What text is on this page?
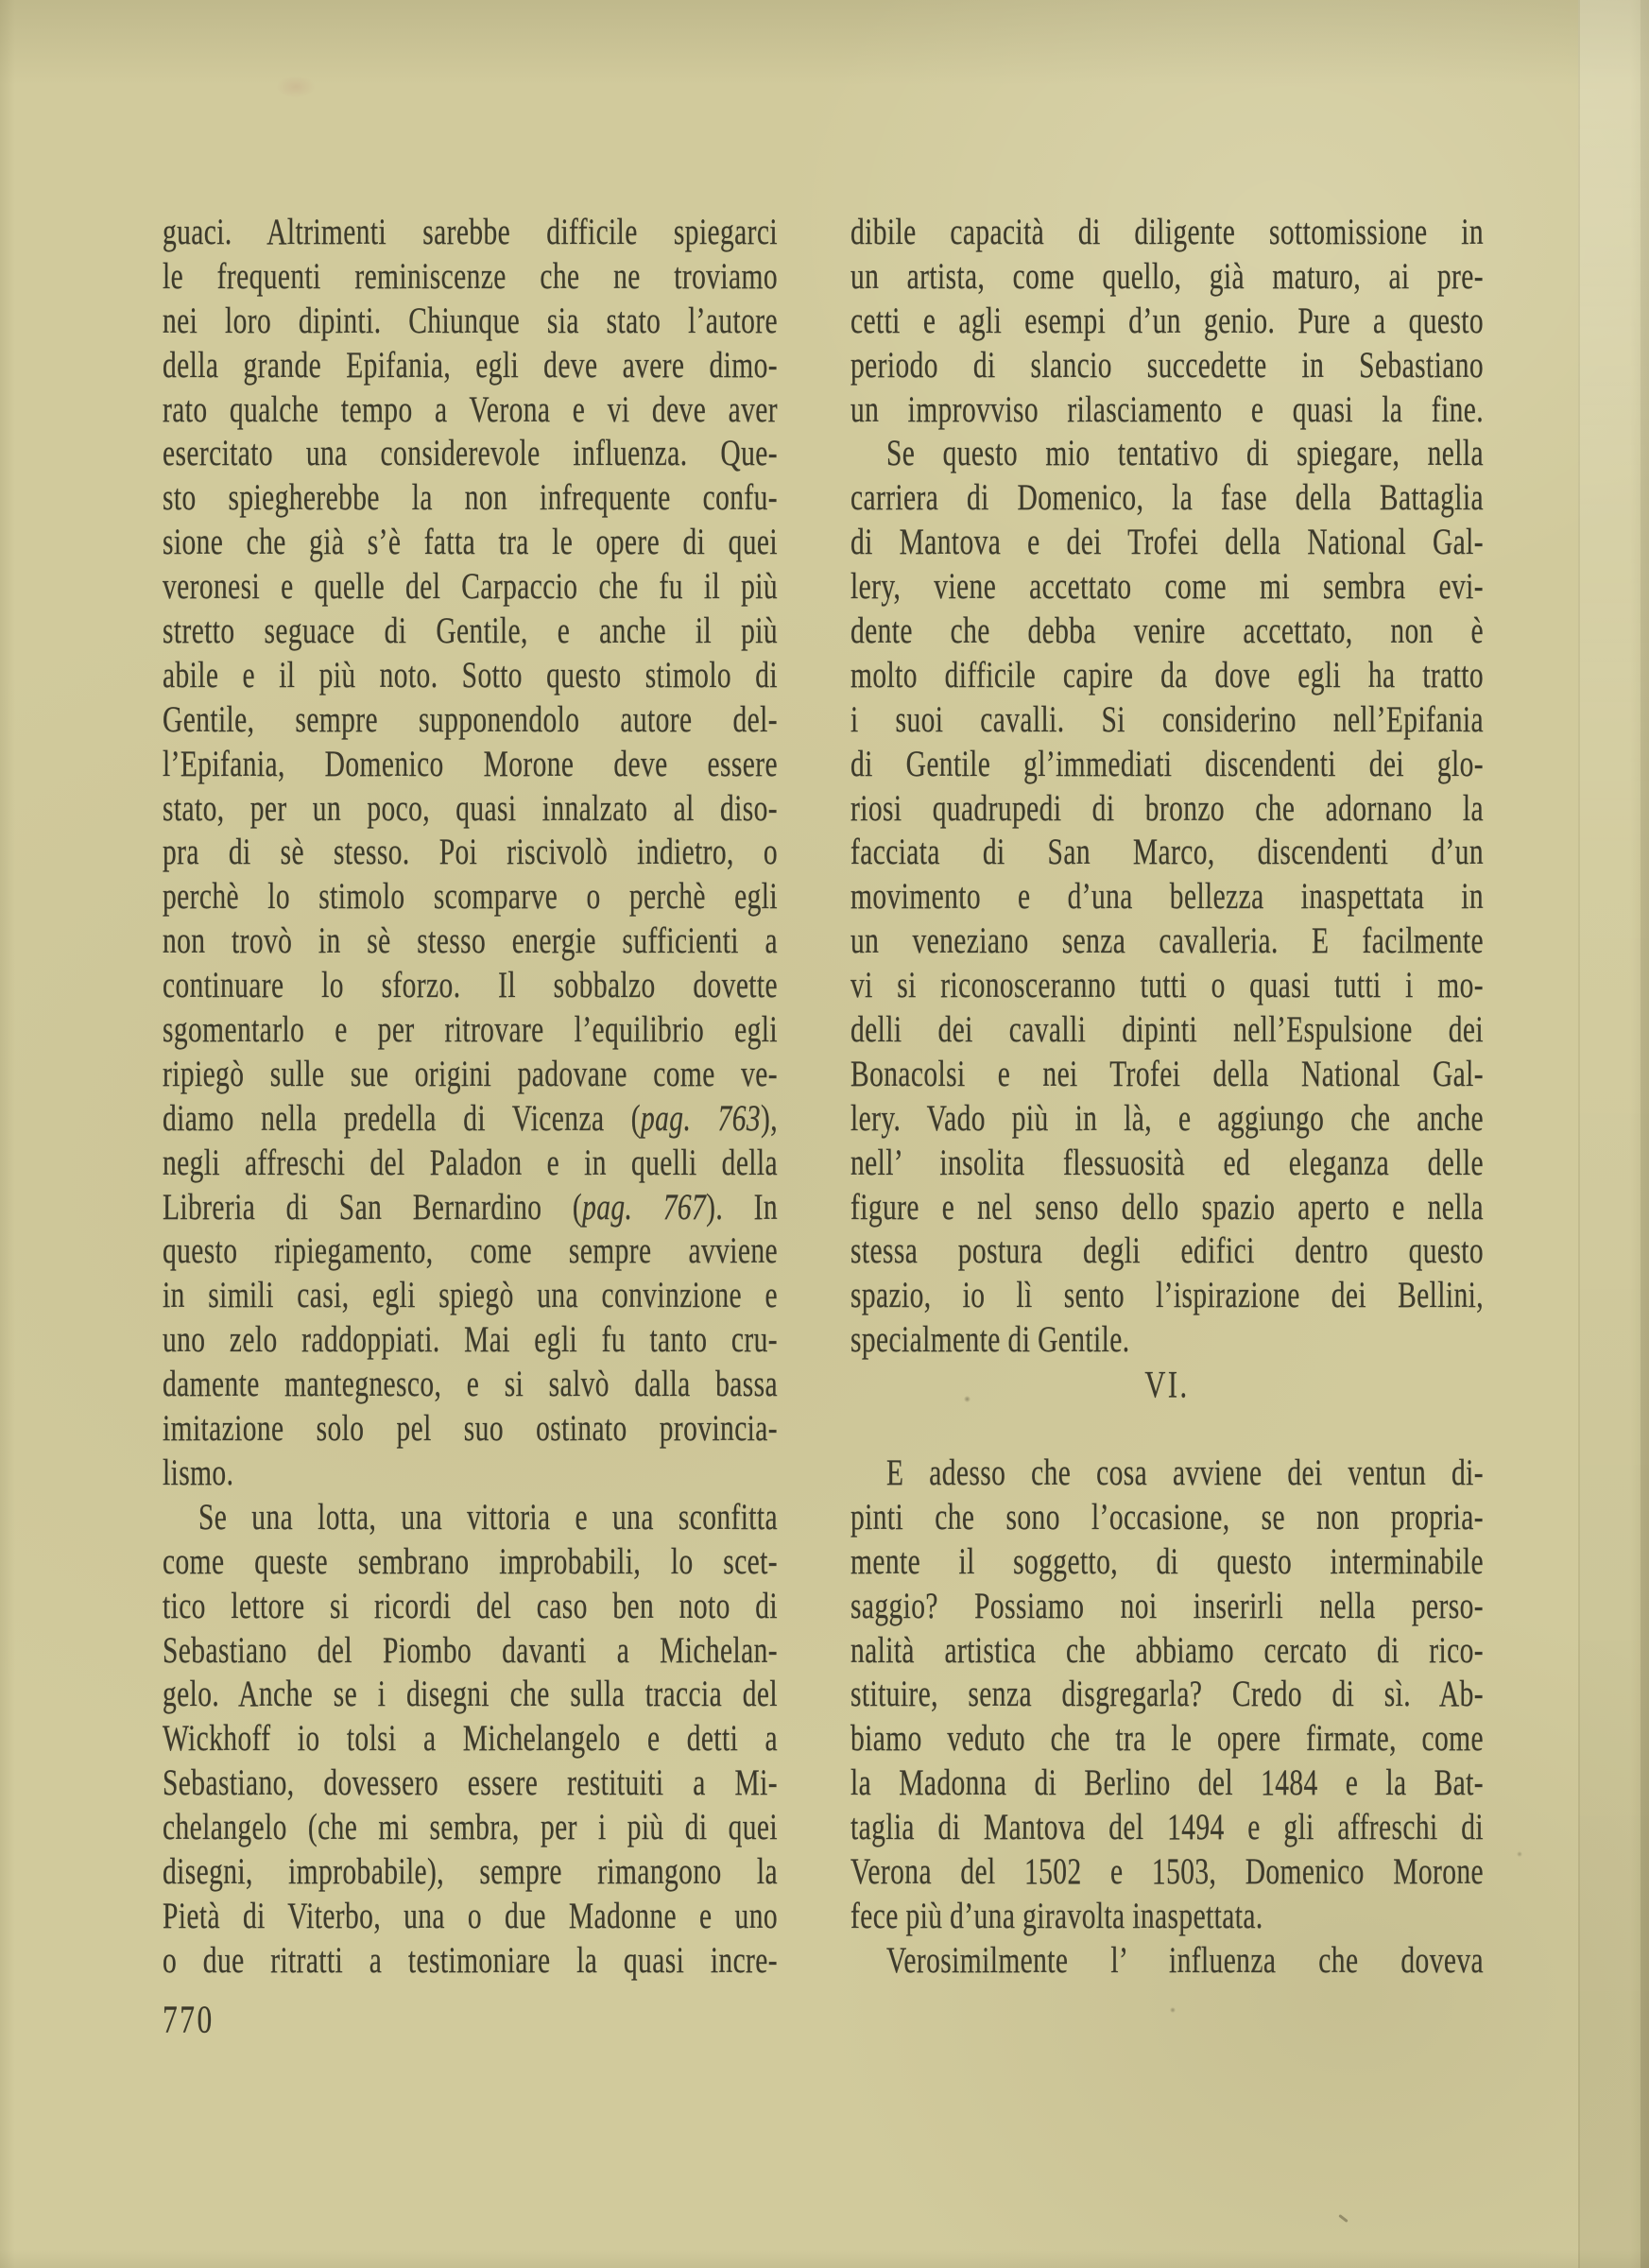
guaci. Altrimenti sarebbe difficile spiegarci
le frequenti reminiscenze che ne troviamo
nei loro dipinti. Chiunque sia stato l’autore
della grande Epifania, egli deve avere dimo-
rato qualche tempo a Verona e vi deve aver
esercitato una considerevole influenza. Que-
sto spiegherebbe la non infrequente confu-
sione che già s’è fatta tra le opere di quei
veronesi e quelle del Carpaccio che fu il più
stretto seguace di Gentile, e anche il più
abile e il più noto. Sotto questo stimolo di
Gentile, sempre supponendolo autore del-
l’Epifania, Domenico Morone deve essere
stato, per un poco, quasi innalzato al diso-
pra di sè stesso. Poi riscivolò indietro, o
perchè lo stimolo scomparve o perchè egli
non trovò in sè stesso energie sufficienti a
continuare lo sforzo. Il sobbalzo dovette
sgomentarlo e per ritrovare l’equilibrio egli
ripiegò sulle sue origini padovane come ve-
diamo nella predella di Vicenza (pag. 763),
negli affreschi del Paladon e in quelli della
Libreria di San Bernardino (pag. 767). In
questo ripiegamento, come sempre avviene
in simili casi, egli spiegò una convinzione e
uno zelo raddoppiati. Mai egli fu tanto cru-
damente mantegnesco, e si salvò dalla bassa
imitazione solo pel suo ostinato provincia-
lismo.
Se una lotta, una vittoria e una sconfitta
come queste sembrano improbabili, lo scet-
tico lettore si ricordi del caso ben noto di
Sebastiano del Piombo davanti a Michelan-
gelo. Anche se i disegni che sulla traccia del
Wickhoff io tolsi a Michelangelo e detti a
Sebastiano, dovessero essere restituiti a Mi-
chelangelo (che mi sembra, per i più di quei
disegni, improbabile), sempre rimangono la
Pietà di Viterbo, una o due Madonne e uno
o due ritratti a testimoniare la quasi incre-
dibile capacità di diligente sottomissione in
un artista, come quello, già maturo, ai pre-
cetti e agli esempi d’un genio. Pure a questo
periodo di slancio succedette in Sebastiano
un improvviso rilasciamento e quasi la fine.
Se questo mio tentativo di spiegare, nella
carriera di Domenico, la fase della Battaglia
di Mantova e dei Trofei della National Gal-
lery, viene accettato come mi sembra evi-
dente che debba venire accettato, non è
molto difficile capire da dove egli ha tratto
i suoi cavalli. Si considerino nell’Epifania
di Gentile gl’immediati discendenti dei glo-
riosi quadrupedi di bronzo che adornano la
facciata di San Marco, discendenti d’un
movimento e d’una bellezza inaspettata in
un veneziano senza cavalleria. E facilmente
vi si riconosceranno tutti o quasi tutti i mo-
delli dei cavalli dipinti nell’Espulsione dei
Bonacolsi e nei Trofei della National Gal-
lery. Vado più in là, e aggiungo che anche
nell’ insolita flessuosità ed eleganza delle
figure e nel senso dello spazio aperto e nella
stessa postura degli edifici dentro questo
spazio, io lì sento l’ispirazione dei Bellini,
specialmente di Gentile.
VI.
E adesso che cosa avviene dei ventun di-
pinti che sono l’occasione, se non propria-
mente il soggetto, di questo interminabile
saggio? Possiamo noi inserirli nella perso-
nalità artistica che abbiamo cercato di rico-
stituire, senza disgregarla? Credo di sì. Ab-
biamo veduto che tra le opere firmate, come
la Madonna di Berlino del 1484 e la Bat-
taglia di Mantova del 1494 e gli affreschi di
Verona del 1502 e 1503, Domenico Morone
fece più d’una giravolta inaspettata.
Verosimilmente l’ influenza che doveva
770
